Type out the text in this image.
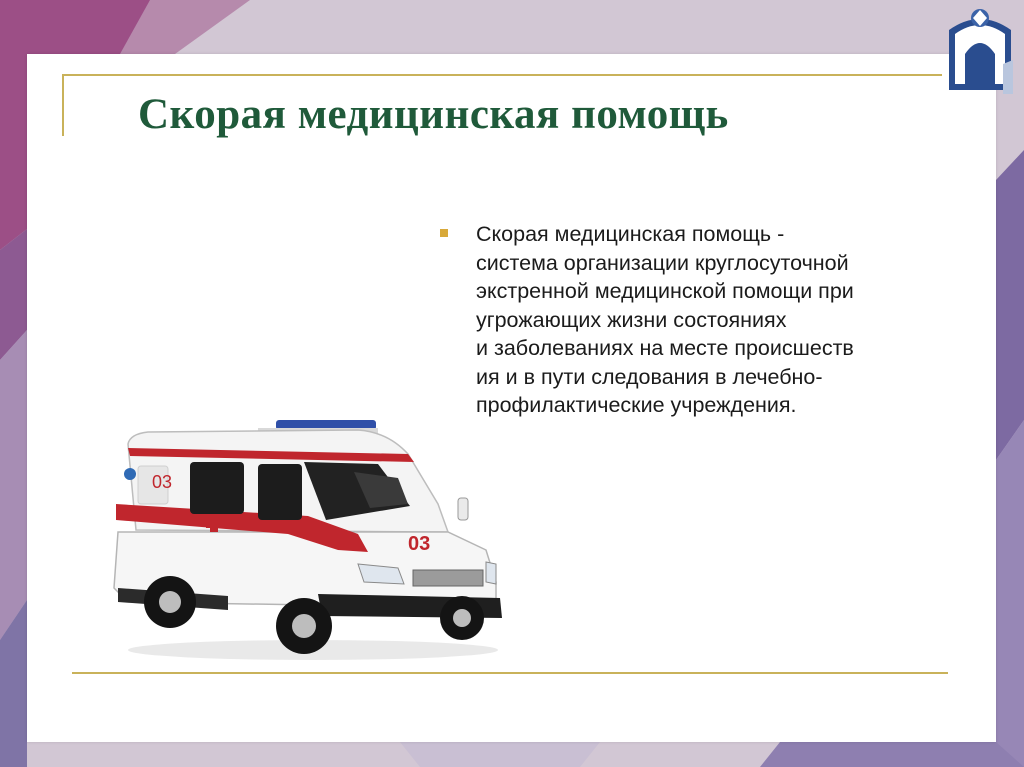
Скорая медицинская помощь
Скорая медицинская помощь -
система организации круглосуточной
экстренной медицинской помощи при
угрожающих жизни состояниях
и заболеваниях на месте происшеств
ия и в пути следования в лечебно-
профилактические учреждения.
03
03
